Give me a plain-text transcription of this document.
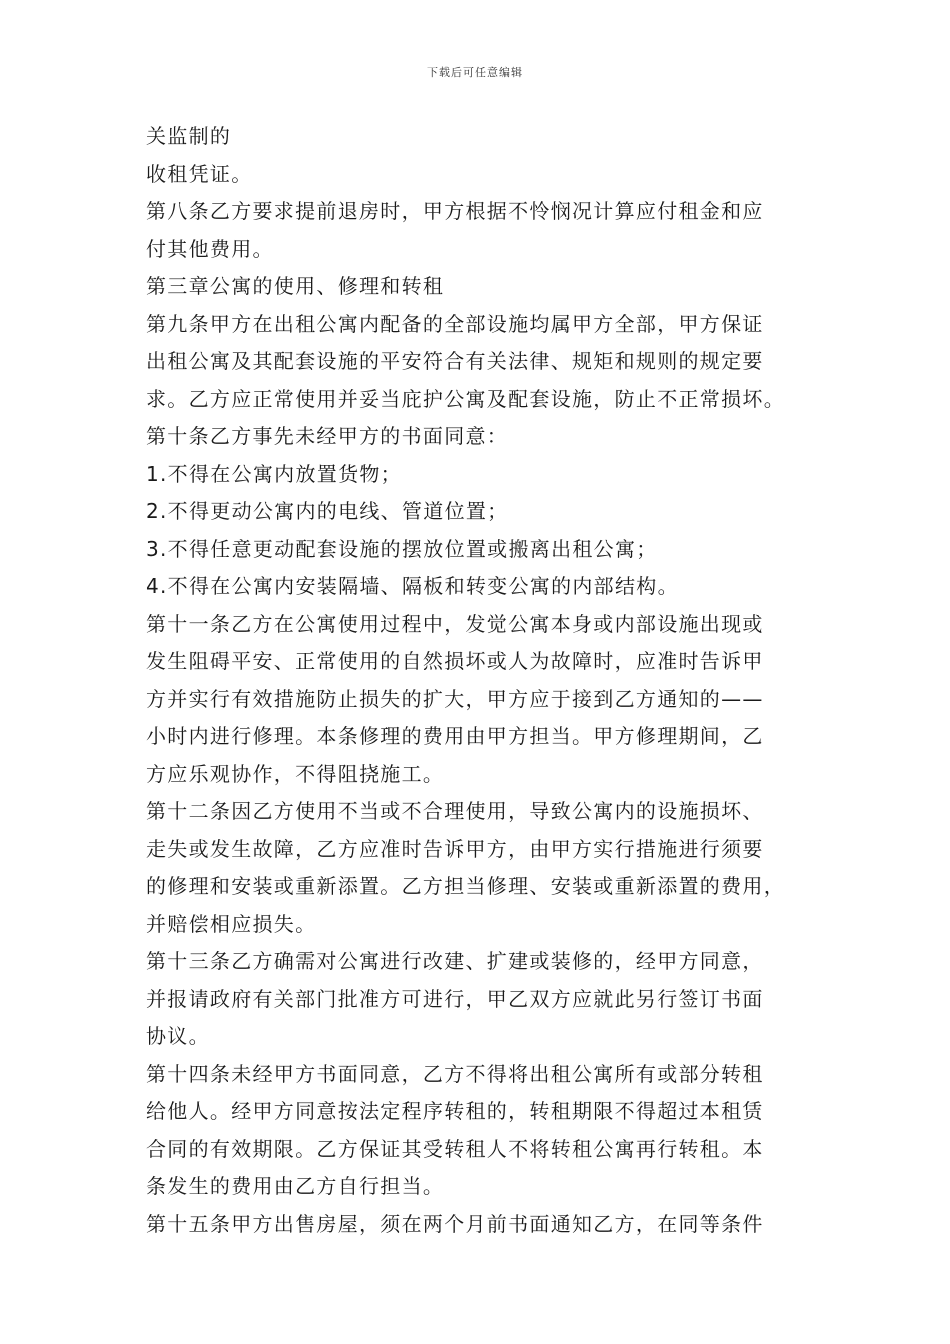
下载后可任意编辑
关监制的
收租凭证。
第八条乙方要求提前退房时，甲方根据不怜悯况计算应付租金和应
付其他费用。
第三章公寓的使用、修理和转租
第九条甲方在出租公寓内配备的全部设施均属甲方全部，甲方保证
出租公寓及其配套设施的平安符合有关法律、规矩和规则的规定要
求。乙方应正常使用并妥当庇护公寓及配套设施，防止不正常损坏。
第十条乙方事先未经甲方的书面同意：
1.不得在公寓内放置货物；
2.不得更动公寓内的电线、管道位置；
3.不得任意更动配套设施的摆放位置或搬离出租公寓；
4.不得在公寓内安装隔墙、隔板和转变公寓的内部结构。
第十一条乙方在公寓使用过程中，发觉公寓本身或内部设施出现或
发生阻碍平安、正常使用的自然损坏或人为故障时，应准时告诉甲
方并实行有效措施防止损失的扩大，甲方应于接到乙方通知的——
小时内进行修理。本条修理的费用由甲方担当。甲方修理期间，乙
方应乐观协作，不得阻挠施工。
第十二条因乙方使用不当或不合理使用，导致公寓内的设施损坏、
走失或发生故障，乙方应准时告诉甲方，由甲方实行措施进行须要
的修理和安装或重新添置。乙方担当修理、安装或重新添置的费用，
并赔偿相应损失。
第十三条乙方确需对公寓进行改建、扩建或装修的，经甲方同意，
并报请政府有关部门批准方可进行，甲乙双方应就此另行签订书面
协议。
第十四条未经甲方书面同意，乙方不得将出租公寓所有或部分转租
给他人。经甲方同意按法定程序转租的，转租期限不得超过本租赁
合同的有效期限。乙方保证其受转租人不将转租公寓再行转租。本
条发生的费用由乙方自行担当。
第十五条甲方出售房屋，须在两个月前书面通知乙方，在同等条件
